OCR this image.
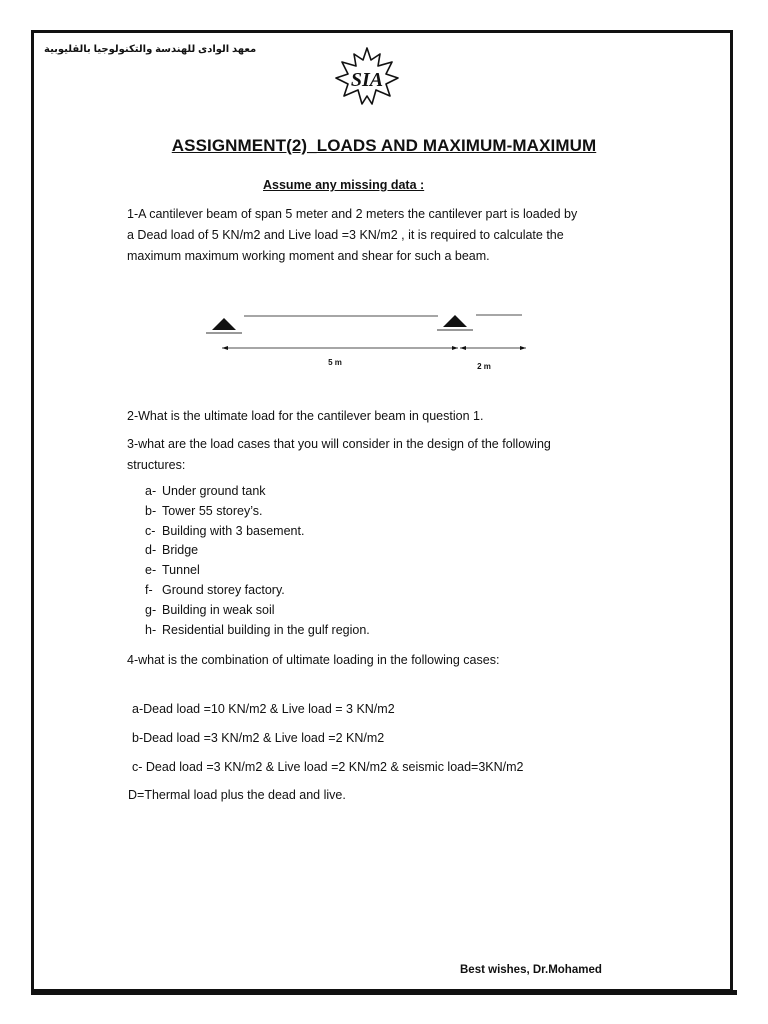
معهد الوادى للهندسة والتكنولوجيا بالقليوبية
SIA
ASSIGNMENT(2)_LOADS AND MAXIMUM-MAXIMUM
Assume any missing data :
1-A cantilever beam of span 5 meter and 2 meters the cantilever part is loaded by a Dead load of 5 KN/m2 and Live load =3 KN/m2 , it is required to calculate the maximum maximum working moment and shear for such a beam.
5 m	2 m
2-What is the ultimate load for the cantilever beam in question 1.
3-what are the load cases that you will consider in the design of the following structures:
a- Under ground tank
b- Tower 55 storey’s.
c- Building with 3 basement.
d- Bridge
e- Tunnel
f- Ground storey factory.
g- Building in weak soil
h- Residential building in the gulf region.
4-what is the combination of ultimate loading in the following cases:
a-Dead load =10 KN/m2 & Live load = 3 KN/m2
b-Dead load =3 KN/m2 & Live load =2 KN/m2
c- Dead load =3 KN/m2 & Live load =2 KN/m2 & seismic load=3KN/m2
D=Thermal load plus the dead and live.
Best wishes, Dr.Mohamed
